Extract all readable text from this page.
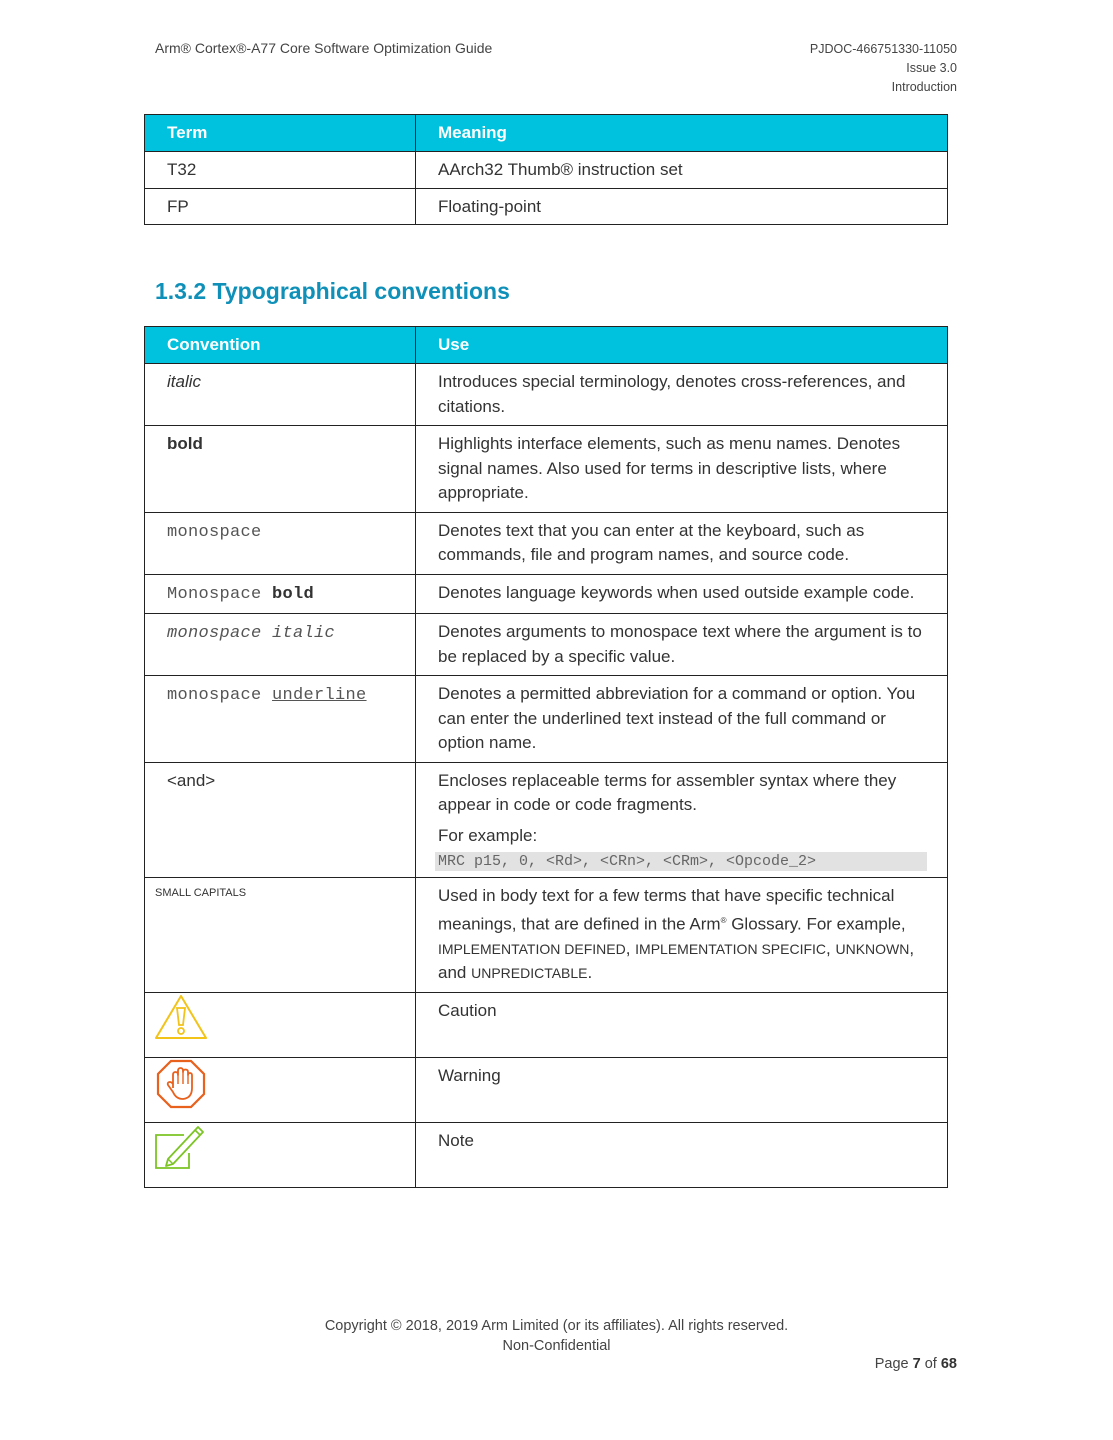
Arm® Cortex®-A77 Core Software Optimization Guide	PJDOC-466751330-11050
Issue 3.0
Introduction
Term	Meaning
T32	AArch32 Thumb® instruction set
FP	Floating-point
1.3.2 Typographical conventions
Convention	Use
italic	Introduces special terminology, denotes cross-references, and citations.
bold	Highlights interface elements, such as menu names. Denotes signal names. Also used for terms in descriptive lists, where appropriate.
monospace	Denotes text that you can enter at the keyboard, such as commands, file and program names, and source code.
Monospace bold	Denotes language keywords when used outside example code.
monospace italic	Denotes arguments to monospace text where the argument is to be replaced by a specific value.
monospace underline	Denotes a permitted abbreviation for a command or option. You can enter the underlined text instead of the full command or option name.
<and>	Encloses replaceable terms for assembler syntax where they appear in code or code fragments.
For example:
MRC p15, 0, <Rd>, <CRn>, <CRm>, <Opcode_2>

SMALL CAPITALS	Used in body text for a few terms that have specific technical meanings, that are defined in the Arm® Glossary. For example, IMPLEMENTATION DEFINED, IMPLEMENTATION SPECIFIC, UNKNOWN, and UNPREDICTABLE.

	Caution

	Warning

	Note
Copyright © 2018, 2019 Arm Limited (or its affiliates). All rights reserved.
Non-Confidential
Page 7 of 68
